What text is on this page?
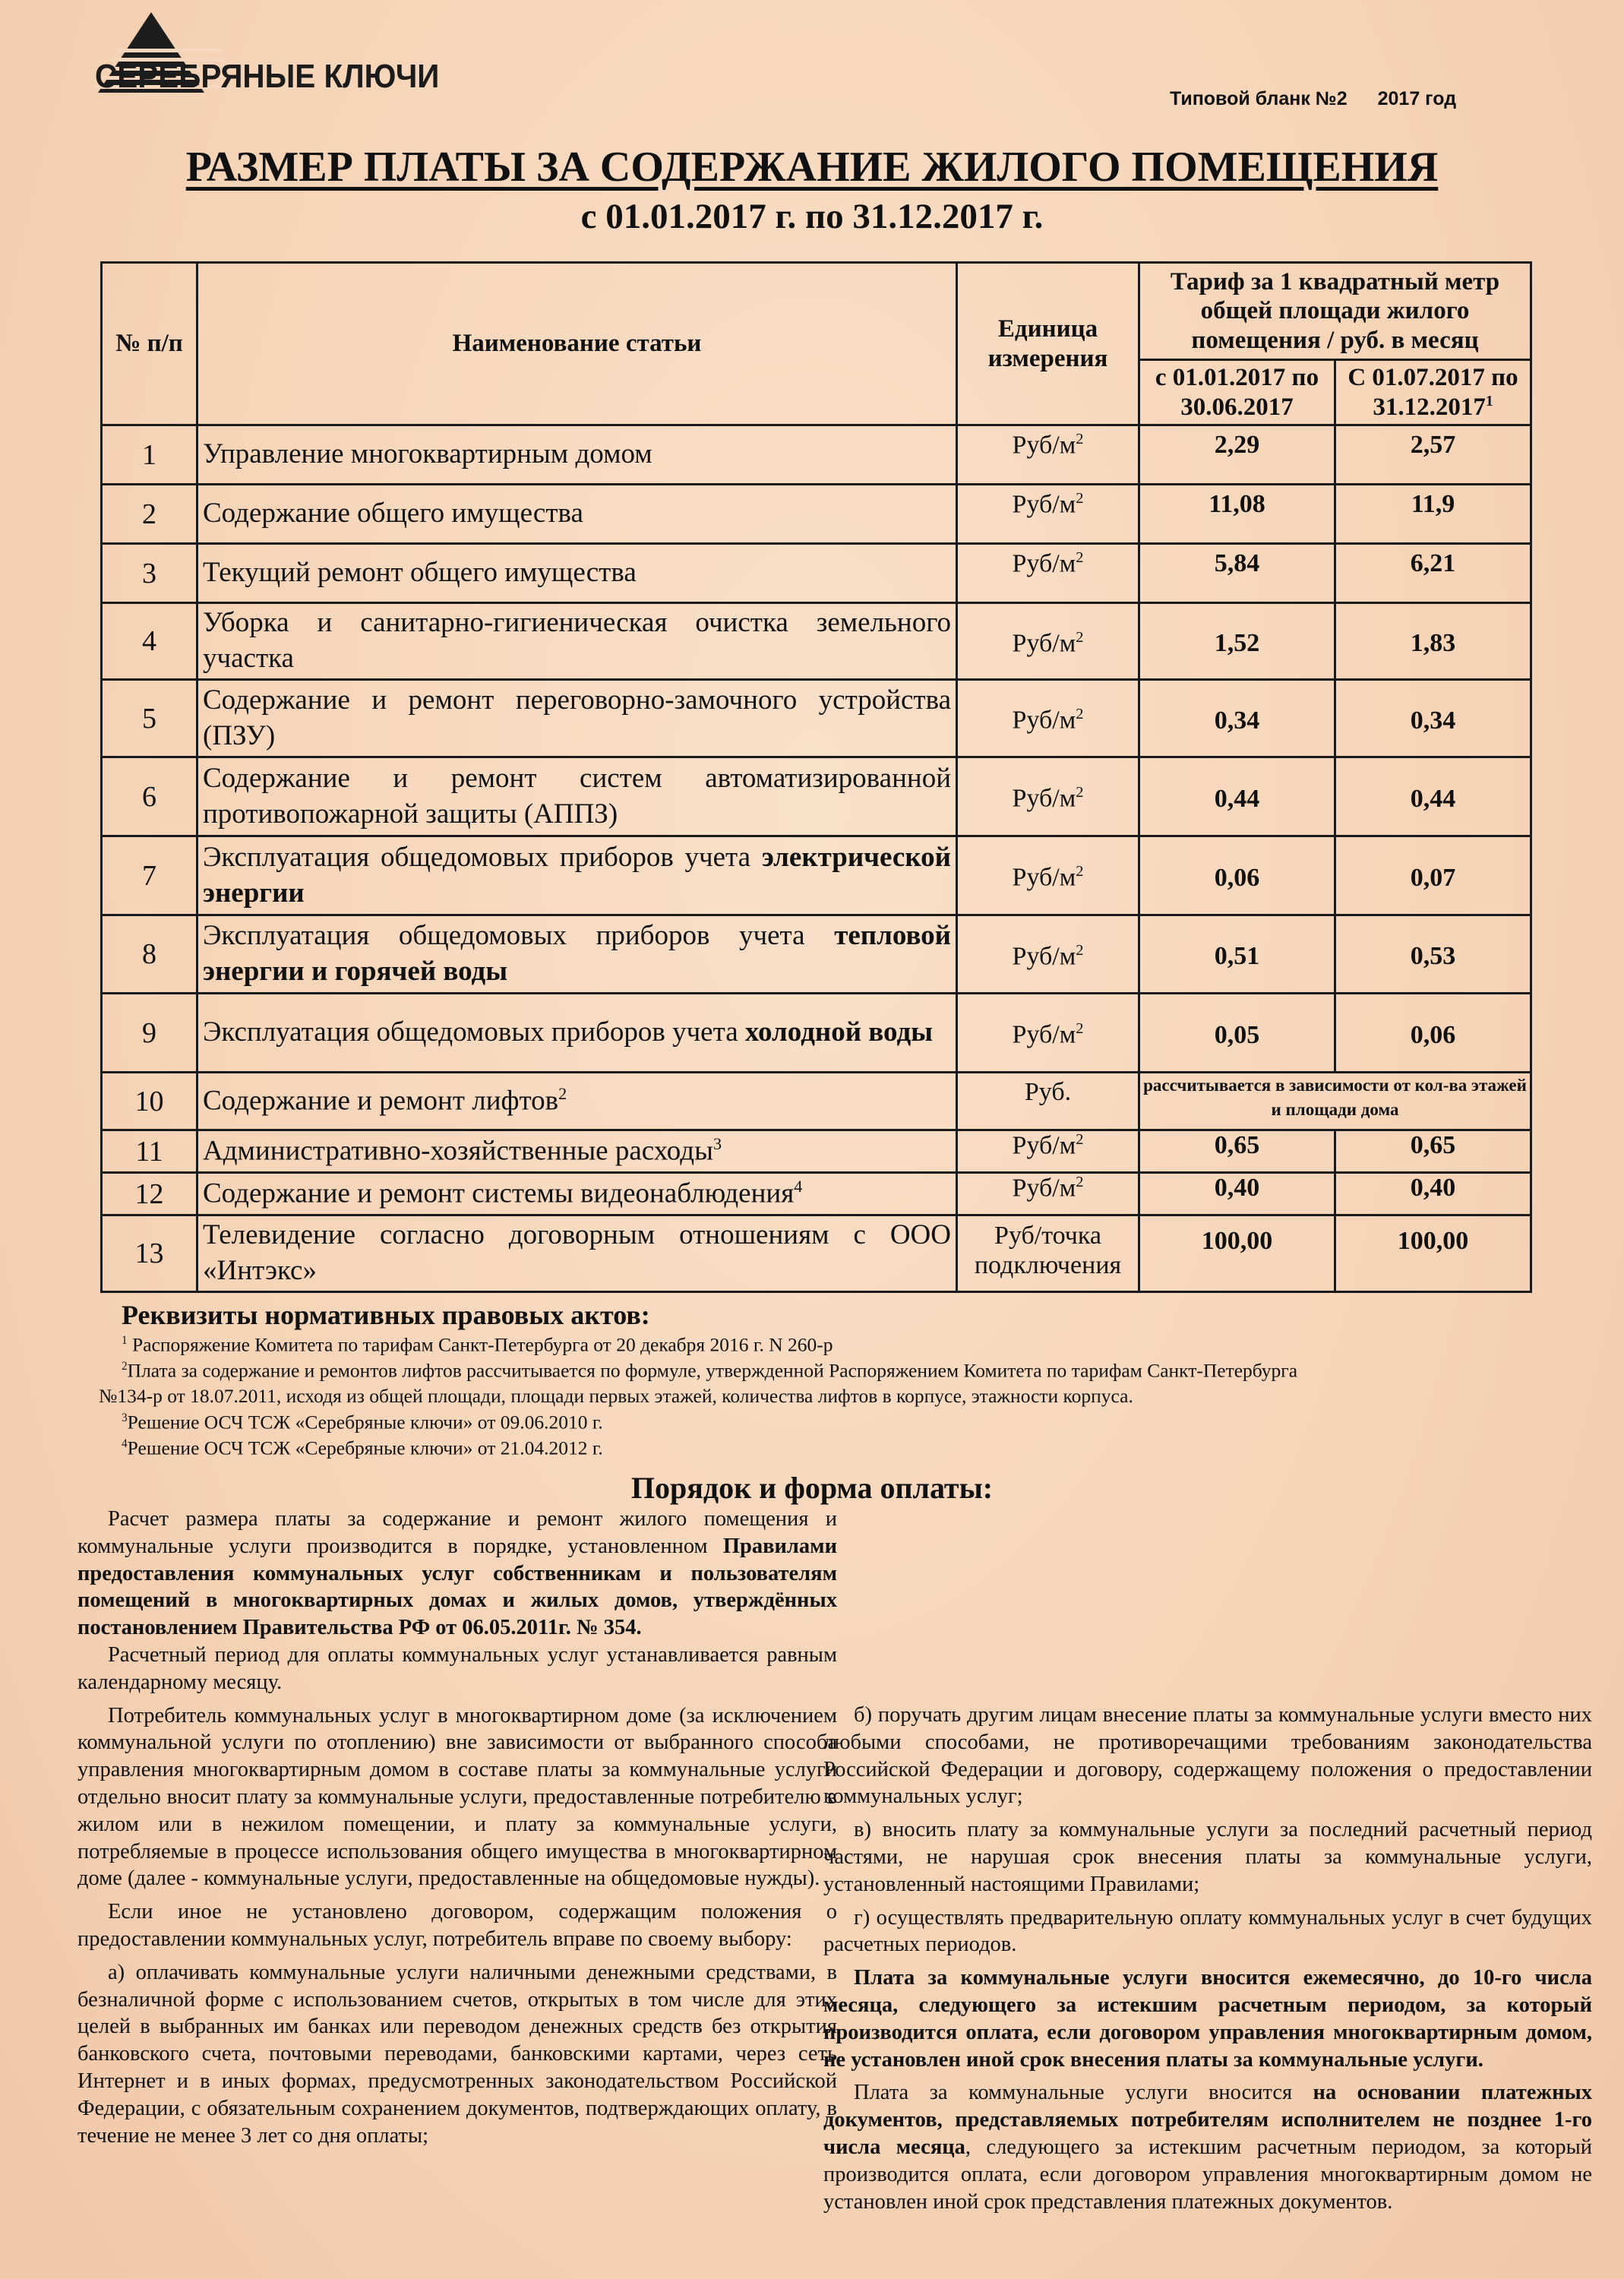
СЕРЕБРЯНЫЕ КЛЮЧИ
Типовой бланк №2 2017 год
РАЗМЕР ПЛАТЫ ЗА СОДЕРЖАНИЕ ЖИЛОГО ПОМЕЩЕНИЯ
с 01.01.2017 г. по 31.12.2017 г.
№ п/п	Наименование статьи	Единица измерения	Тариф за 1 квадратный метр общей площади жилого помещения / руб. в месяц	
			с 01.01.2017 по 30.06.2017	С 01.07.2017 по 31.12.2017$^1$
1	Управление многоквартирным домом	Руб/$м^2$	2,29	2,57
2	Содержание общего имущества	Руб/$м^2$	11,08	11,9
3	Текущий ремонт общего имущества	Руб/$м^2$	5,84	6,21
4	Уборка и санитарно-гигиеническая очистка земельного участка	Руб/$м^2$	1,52	1,83
5	Содержание и ремонт переговорно-замочного устройства (ПЗУ)	Руб/$м^2$	0,34	0,34
6	Содержание и ремонт систем автоматизированной противопожарной защиты (АППЗ)	Руб/$м^2$	0,44	0,44
7	Эксплуатация общедомовых приборов учета электрической энергии	Руб/$м^2$	0,06	0,07
8	Эксплуатация общедомовых приборов учета тепловой энергии и горячей воды	Руб/$м^2$	0,51	0,53
9	Эксплуатация общедомовых приборов учета холодной воды	Руб/$м^2$	0,05	0,06
10	Содержание и ремонт лифтов$^2$	Руб.	рассчитывается в зависимости от кол-ва этажей и площади дома	
11	Административно-хозяйственные расходы$^3$	Руб/$м^2$	0,65	0,65
12	Содержание и ремонт системы видеонаблюдения$^4$	Руб/$м^2$	0,40	0,40
13	Телевидение согласно договорным отношениям с ООО «Интэкс»	Руб/точка подключения	100,00	100,00
Реквизиты нормативных правовых актов:
$^1$ Распоряжение Комитета по тарифам Санкт-Петербурга от 20 декабря 2016 г. N 260-р
$^2$Плата за содержание и ремонтов лифтов рассчитывается по формуле, утвержденной Распоряжением Комитета по тарифам Санкт-Петербурга
№134-р от 18.07.2011, исходя из общей площади, площади первых этажей, количества лифтов в корпусе, этажности корпуса.
$^3$Решение ОСЧ ТСЖ «Серебряные ключи» от 09.06.2010 г.
$^4$Решение ОСЧ ТСЖ «Серебряные ключи» от 21.04.2012 г.
Порядок и форма оплаты:

Расчет размера платы за содержание и ремонт жилого помещения и коммунальные услуги производится в порядке, установленном Правилами предоставления коммунальных услуг собственникам и пользователям помещений в многоквартирных домах и жилых домов, утверждённых постановлением Правительства РФ от 06.05.2011г. № 354.

Расчетный период для оплаты коммунальных услуг устанавливается равным календарному месяцу.

Потребитель коммунальных услуг в многоквартирном доме (за исключением коммунальной услуги по отоплению) вне зависимости от выбранного способа управления многоквартирным домом в составе платы за коммунальные услуги отдельно вносит плату за коммунальные услуги, предоставленные потребителю в жилом или в нежилом помещении, и плату за коммунальные услуги, потребляемые в процессе использования общего имущества в многоквартирном доме (далее - коммунальные услуги, предоставленные на общедомовые нужды).

Если иное не установлено договором, содержащим положения о предоставлении коммунальных услуг, потребитель вправе по своему выбору:

а) оплачивать коммунальные услуги наличными денежными средствами, в безналичной форме с использованием счетов, открытых в том числе для этих целей в выбранных им банках или переводом денежных средств без открытия банковского счета, почтовыми переводами, банковскими картами, через сеть Интернет и в иных формах, предусмотренных законодательством Российской Федерации, с обязательным сохранением документов, подтверждающих оплату, в течение не менее 3 лет со дня оплаты;

б) поручать другим лицам внесение платы за коммунальные услуги вместо них любыми способами, не противоречащими требованиям законодательства Российской Федерации и договору, содержащему положения о предоставлении коммунальных услуг;

в) вносить плату за коммунальные услуги за последний расчетный период частями, не нарушая срок внесения платы за коммунальные услуги, установленный настоящими Правилами;

г) осуществлять предварительную оплату коммунальных услуг в счет будущих расчетных периодов.

Плата за коммунальные услуги вносится ежемесячно, до 10-го числа месяца, следующего за истекшим расчетным периодом, за который производится оплата, если договором управления многоквартирным домом, не установлен иной срок внесения платы за коммунальные услуги.

Плата за коммунальные услуги вносится на основании платежных документов, представляемых потребителям исполнителем не позднее 1-го числа месяца, следующего за истекшим расчетным периодом, за который производится оплата, если договором управления многоквартирным домом не установлен иной срок представления платежных документов.
